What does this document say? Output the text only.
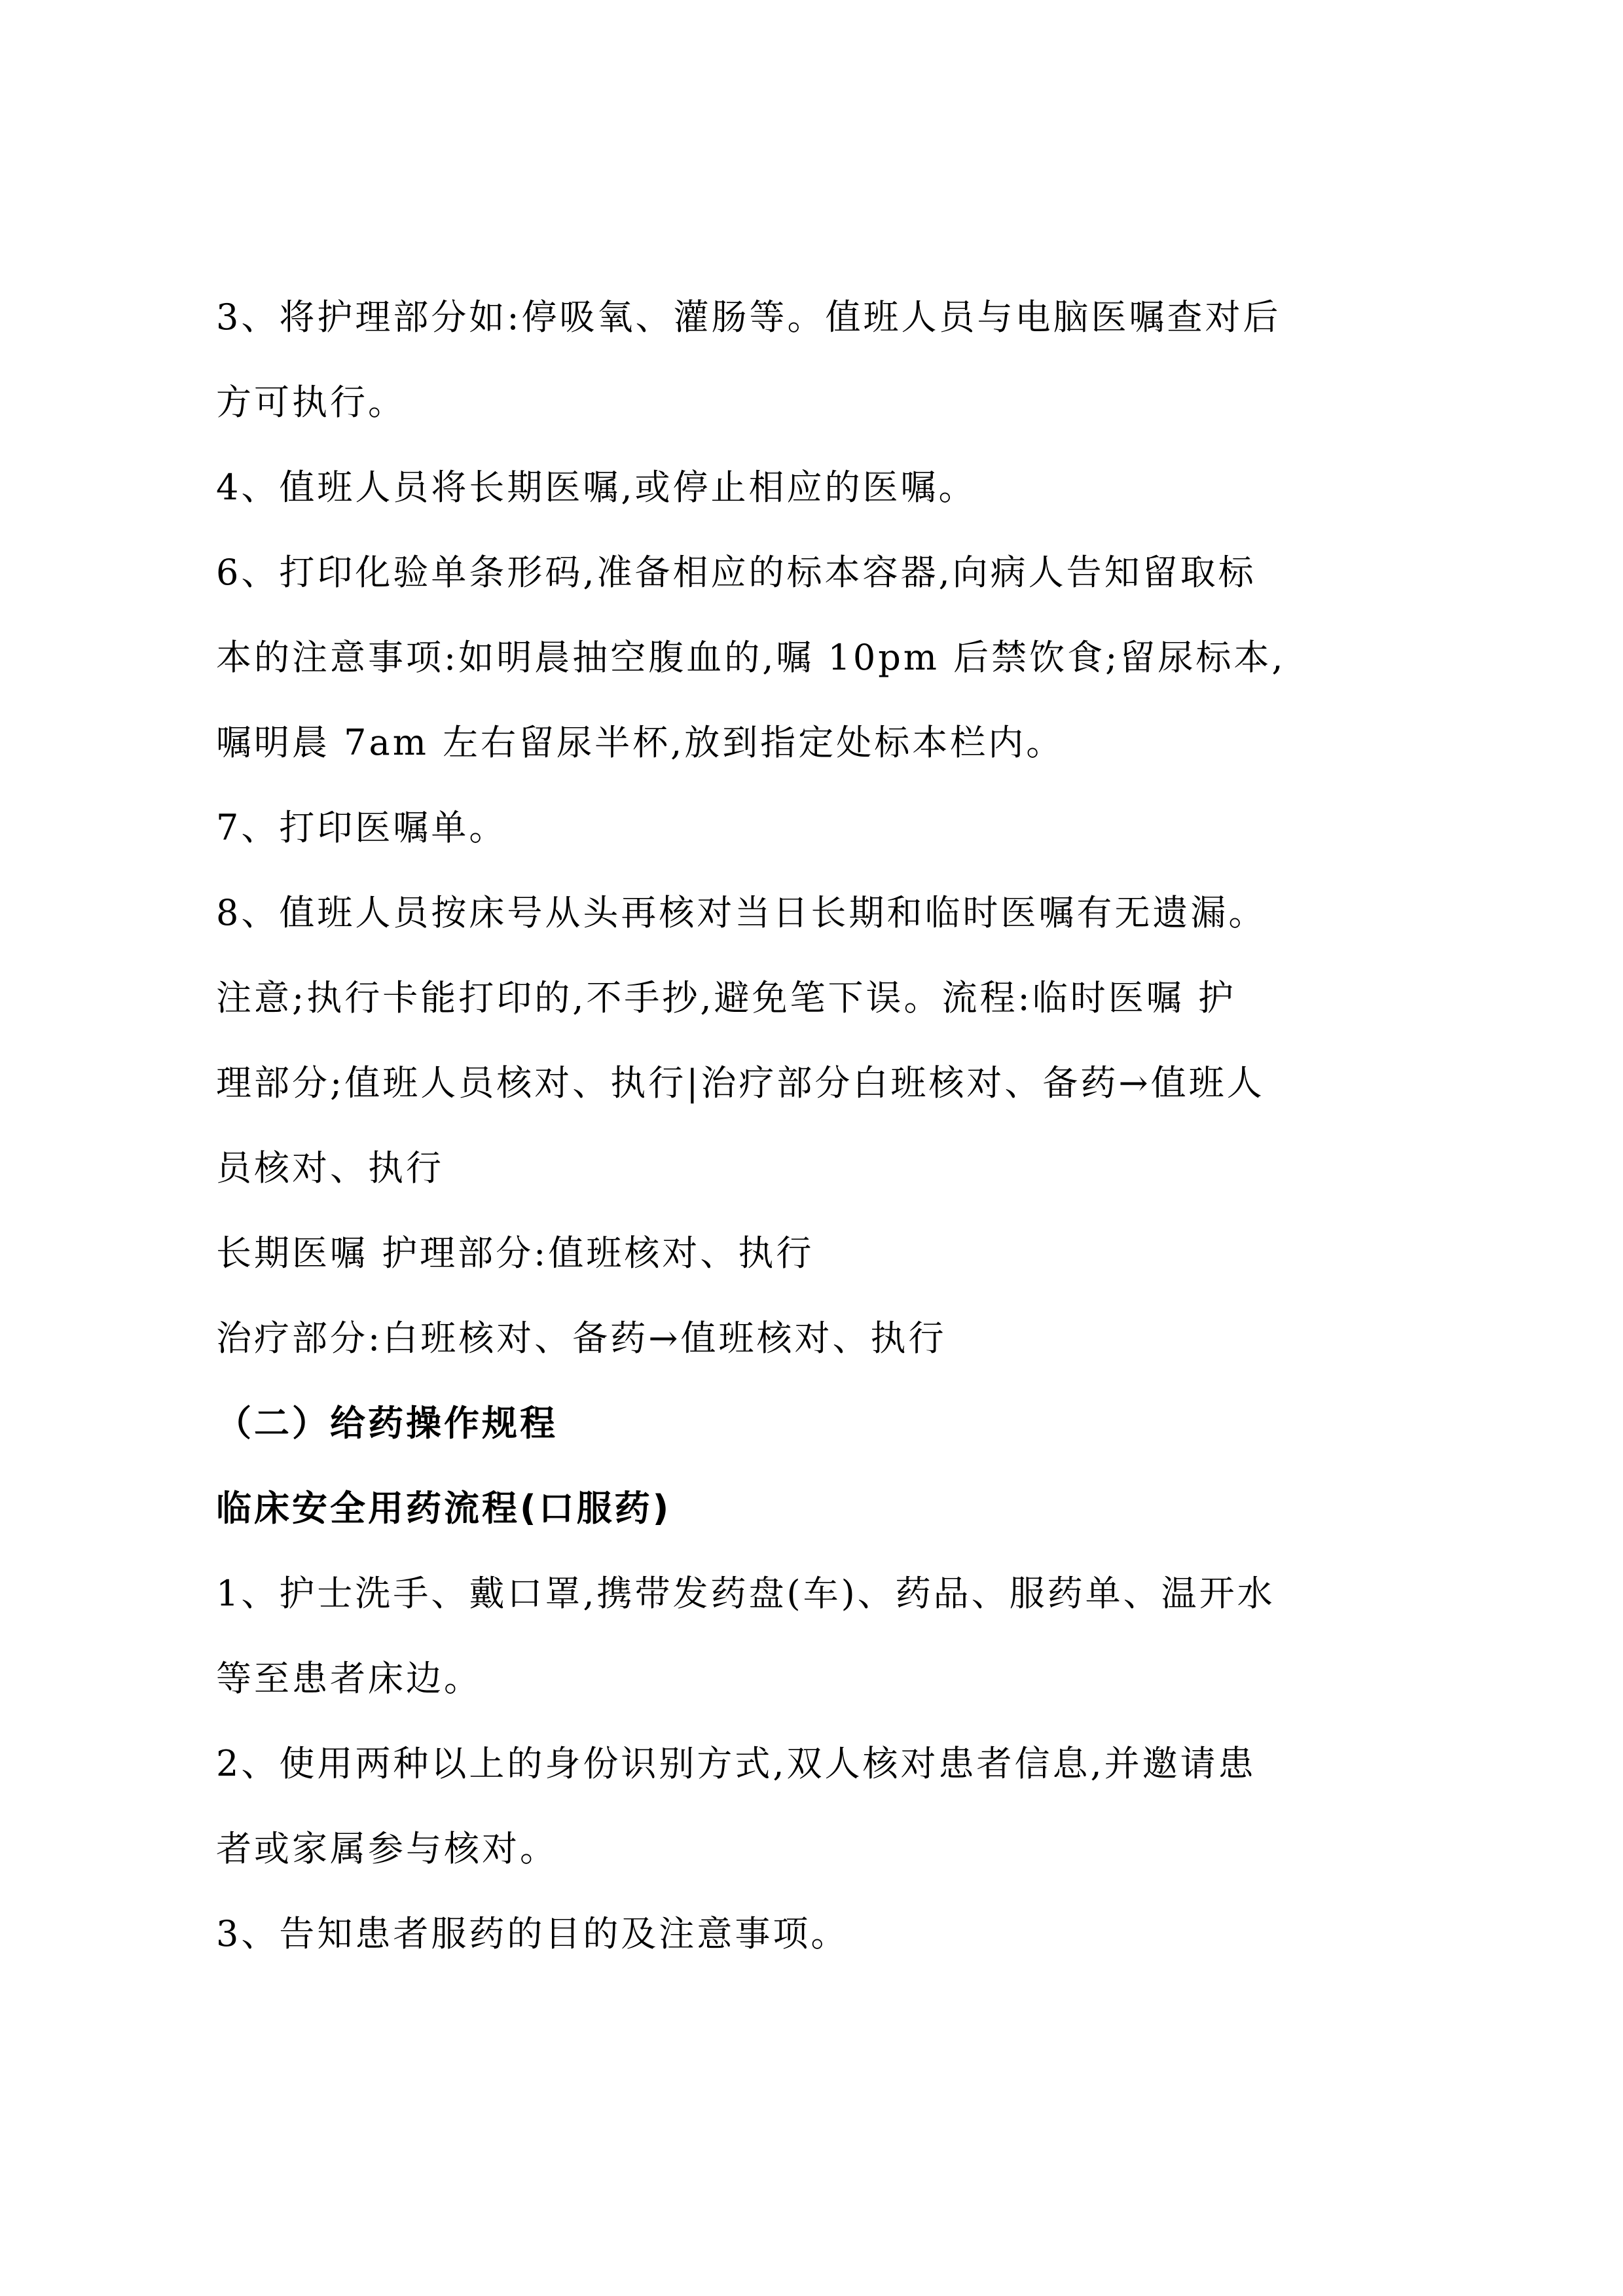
3、将护理部分如:停吸氧、灌肠等。值班人员与电脑医嘱查对后
方可执行。
4、值班人员将长期医嘱,或停止相应的医嘱。
6、打印化验单条形码,准备相应的标本容器,向病人告知留取标
本的注意事项:如明晨抽空腹血的,嘱 10pm 后禁饮食;留尿标本,
嘱明晨 7am 左右留尿半杯,放到指定处标本栏内。
7、打印医嘱单。
8、值班人员按床号从头再核对当日长期和临时医嘱有无遗漏。
注意;执行卡能打印的,不手抄,避免笔下误。流程:临时医嘱 护
理部分;值班人员核对、执行|治疗部分白班核对、备药→值班人
员核对、执行
长期医嘱 护理部分:值班核对、执行
治疗部分:白班核对、备药→值班核对、执行
（二）给药操作规程
临床安全用药流程(口服药)
1、护士洗手、戴口罩,携带发药盘(车)、药品、服药单、温开水
等至患者床边。
2、使用两种以上的身份识别方式,双人核对患者信息,并邀请患
者或家属参与核对。
3、告知患者服药的目的及注意事项。
